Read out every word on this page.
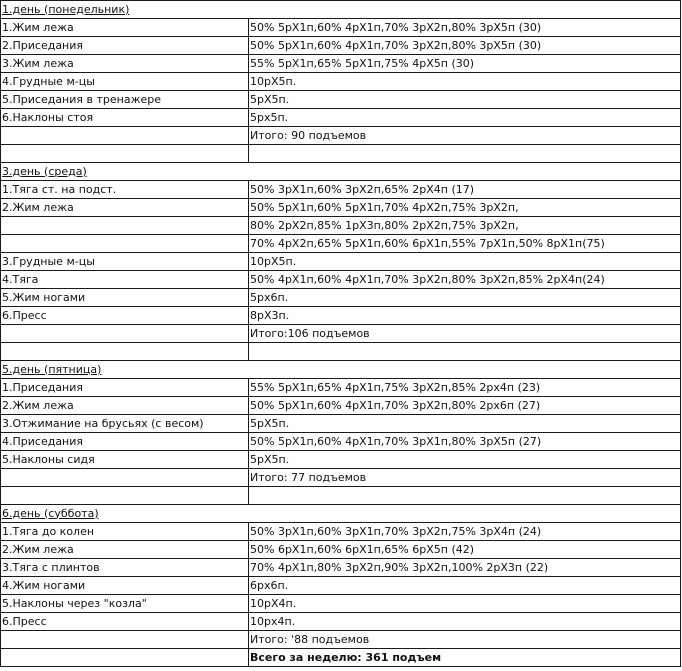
1.день (понедельник)	
1.Жим лежа	50% 5рХ1п,60% 4рХ1п,70% 3рХ2п,80% 3рХ5п (30)
2.Приседания	50% 5рХ1п,60% 4рХ1п,70% 3рХ2п,80% 3рХ5п (30)
3.Жим лежа	55% 5рХ1п,65% 5рХ1п,75% 4рХ5п (30)
4.Грудные м-цы	10рХ5п.
5.Приседания в тренажере	5рХ5п.
6.Наклоны стоя	5рх5п.
	Итого: 90 подъемов

3.день (среда)	
1.Тяга ст. на подст.	50% 3рХ1п,60% 3рХ2п,65% 2рХ4п (17)
2.Жим лежа	50% 5рХ1п,60% 5рХ1п,70% 4рХ2п,75% 3рХ2п,
	80% 2рХ2п,85% 1рХ3п,80% 2рХ2п,75% 3рХ2п,
	70% 4рХ2п,65% 5рХ1п,60% 6рХ1п,55% 7рХ1п,50% 8рХ1п(75)
3.Грудные м-цы	10рХ5п.
4.Тяга	50% 4рХ1п,60% 4рХ1п,70% 3рХ2п,80% 3рХ2п,85% 2рХ4п(24)
5.Жим ногами	5рх6п.
6.Пресс	8рХ3п.
	Итого:106 подъемов

5.день (пятница)	
1.Приседания	55% 5рХ1п,65% 4рХ1п,75% 3рХ2п,85% 2рх4п (23)
2.Жим лежа	50% 5рХ1п,60% 4рХ1п,70% 3рХ2п,80% 2рх6п (27)
3.Отжимание на брусьях (с весом)	5рХ5п.
4.Приседания	50% 5рХ1п,60% 4рХ1п,70% 3рХ1п,80% 3рХ5п (27)
5.Наклоны сидя	5рХ5п.
	Итого: 77 подъемов

6.день (суббота)	
1.Тяга до колен	50% 3рХ1п,60% 3рХ1п,70% 3рХ2п,75% 3рХ4п (24)
2.Жим лежа	50% 6рХ1п,60% 6рХ1п,65% 6рХ5п (42)
3.Тяга с плинтов	70% 4рХ1п,80% 3рХ2п,90% 3рХ2п,100% 2рХ3п (22)
4.Жим ногами	6рх6п.
5.Наклоны через "козла"	10рХ4п.
6.Пресс	10рх4п.
	Итого: '88 подъемов
	Всего за неделю: 361 подъем
